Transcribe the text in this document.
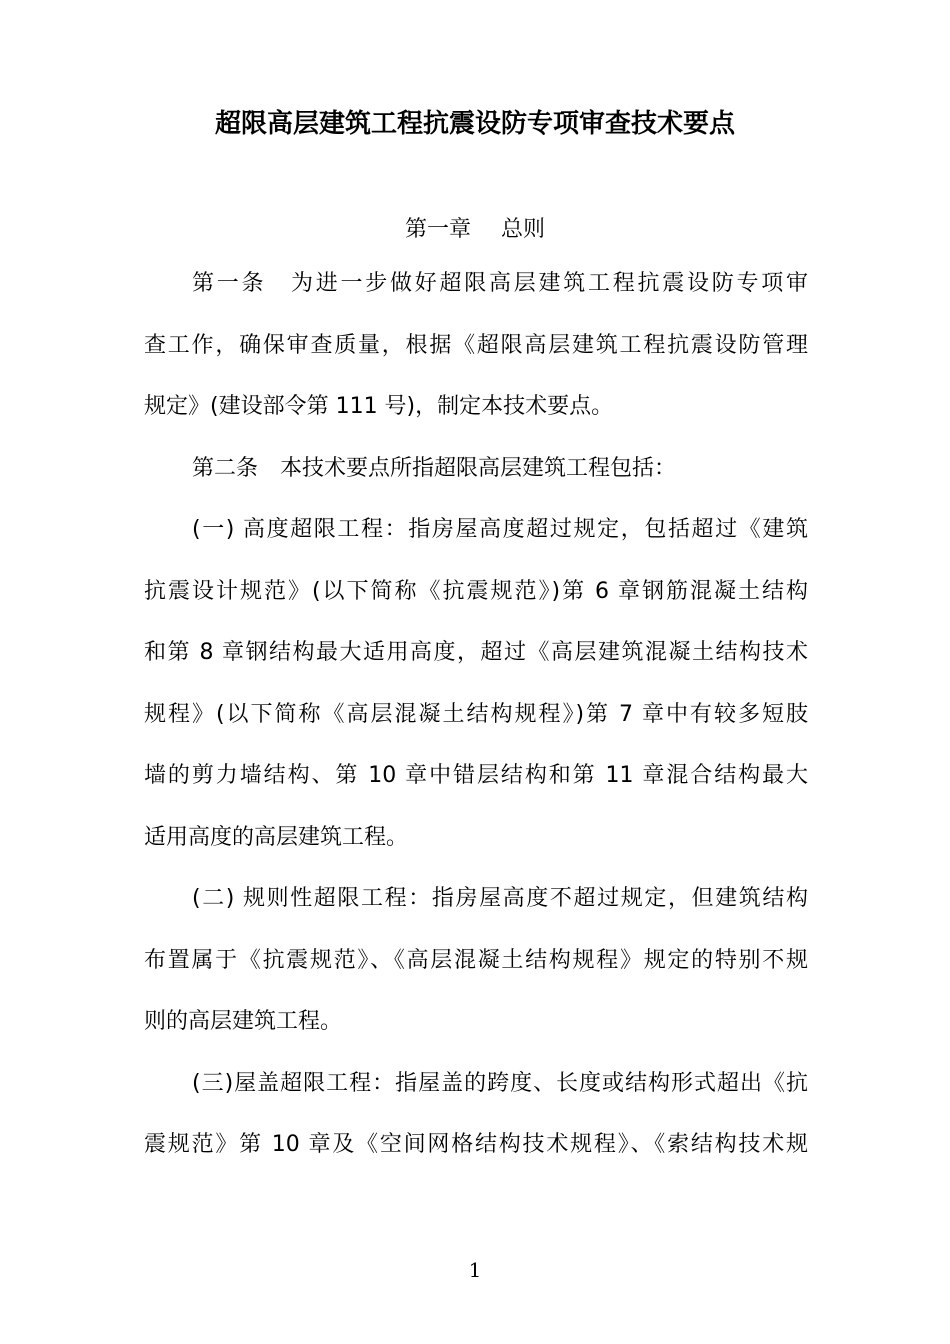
超限高层建筑工程抗震设防专项审查技术要点
第一章 总则
第一条　为进一步做好超限高层建筑工程抗震设防专项审
查工作，确保审查质量，根据《超限高层建筑工程抗震设防管理
规定》(建设部令第 111 号)，制定本技术要点。
第二条　本技术要点所指超限高层建筑工程包括：
(一) 高度超限工程：指房屋高度超过规定，包括超过《建筑
抗震设计规范》(以下简称《抗震规范》)第 6 章钢筋混凝土结构
和第 8 章钢结构最大适用高度，超过《高层建筑混凝土结构技术
规程》(以下简称《高层混凝土结构规程》)第 7 章中有较多短肢
墙的剪力墙结构、第 10 章中错层结构和第 11 章混合结构最大
适用高度的高层建筑工程。
(二) 规则性超限工程：指房屋高度不超过规定，但建筑结构
布置属于《抗震规范》、《高层混凝土结构规程》规定的特别不规
则的高层建筑工程。
(三)屋盖超限工程：指屋盖的跨度、长度或结构形式超出《抗
震规范》第 10 章及《空间网格结构技术规程》、《索结构技术规
1
